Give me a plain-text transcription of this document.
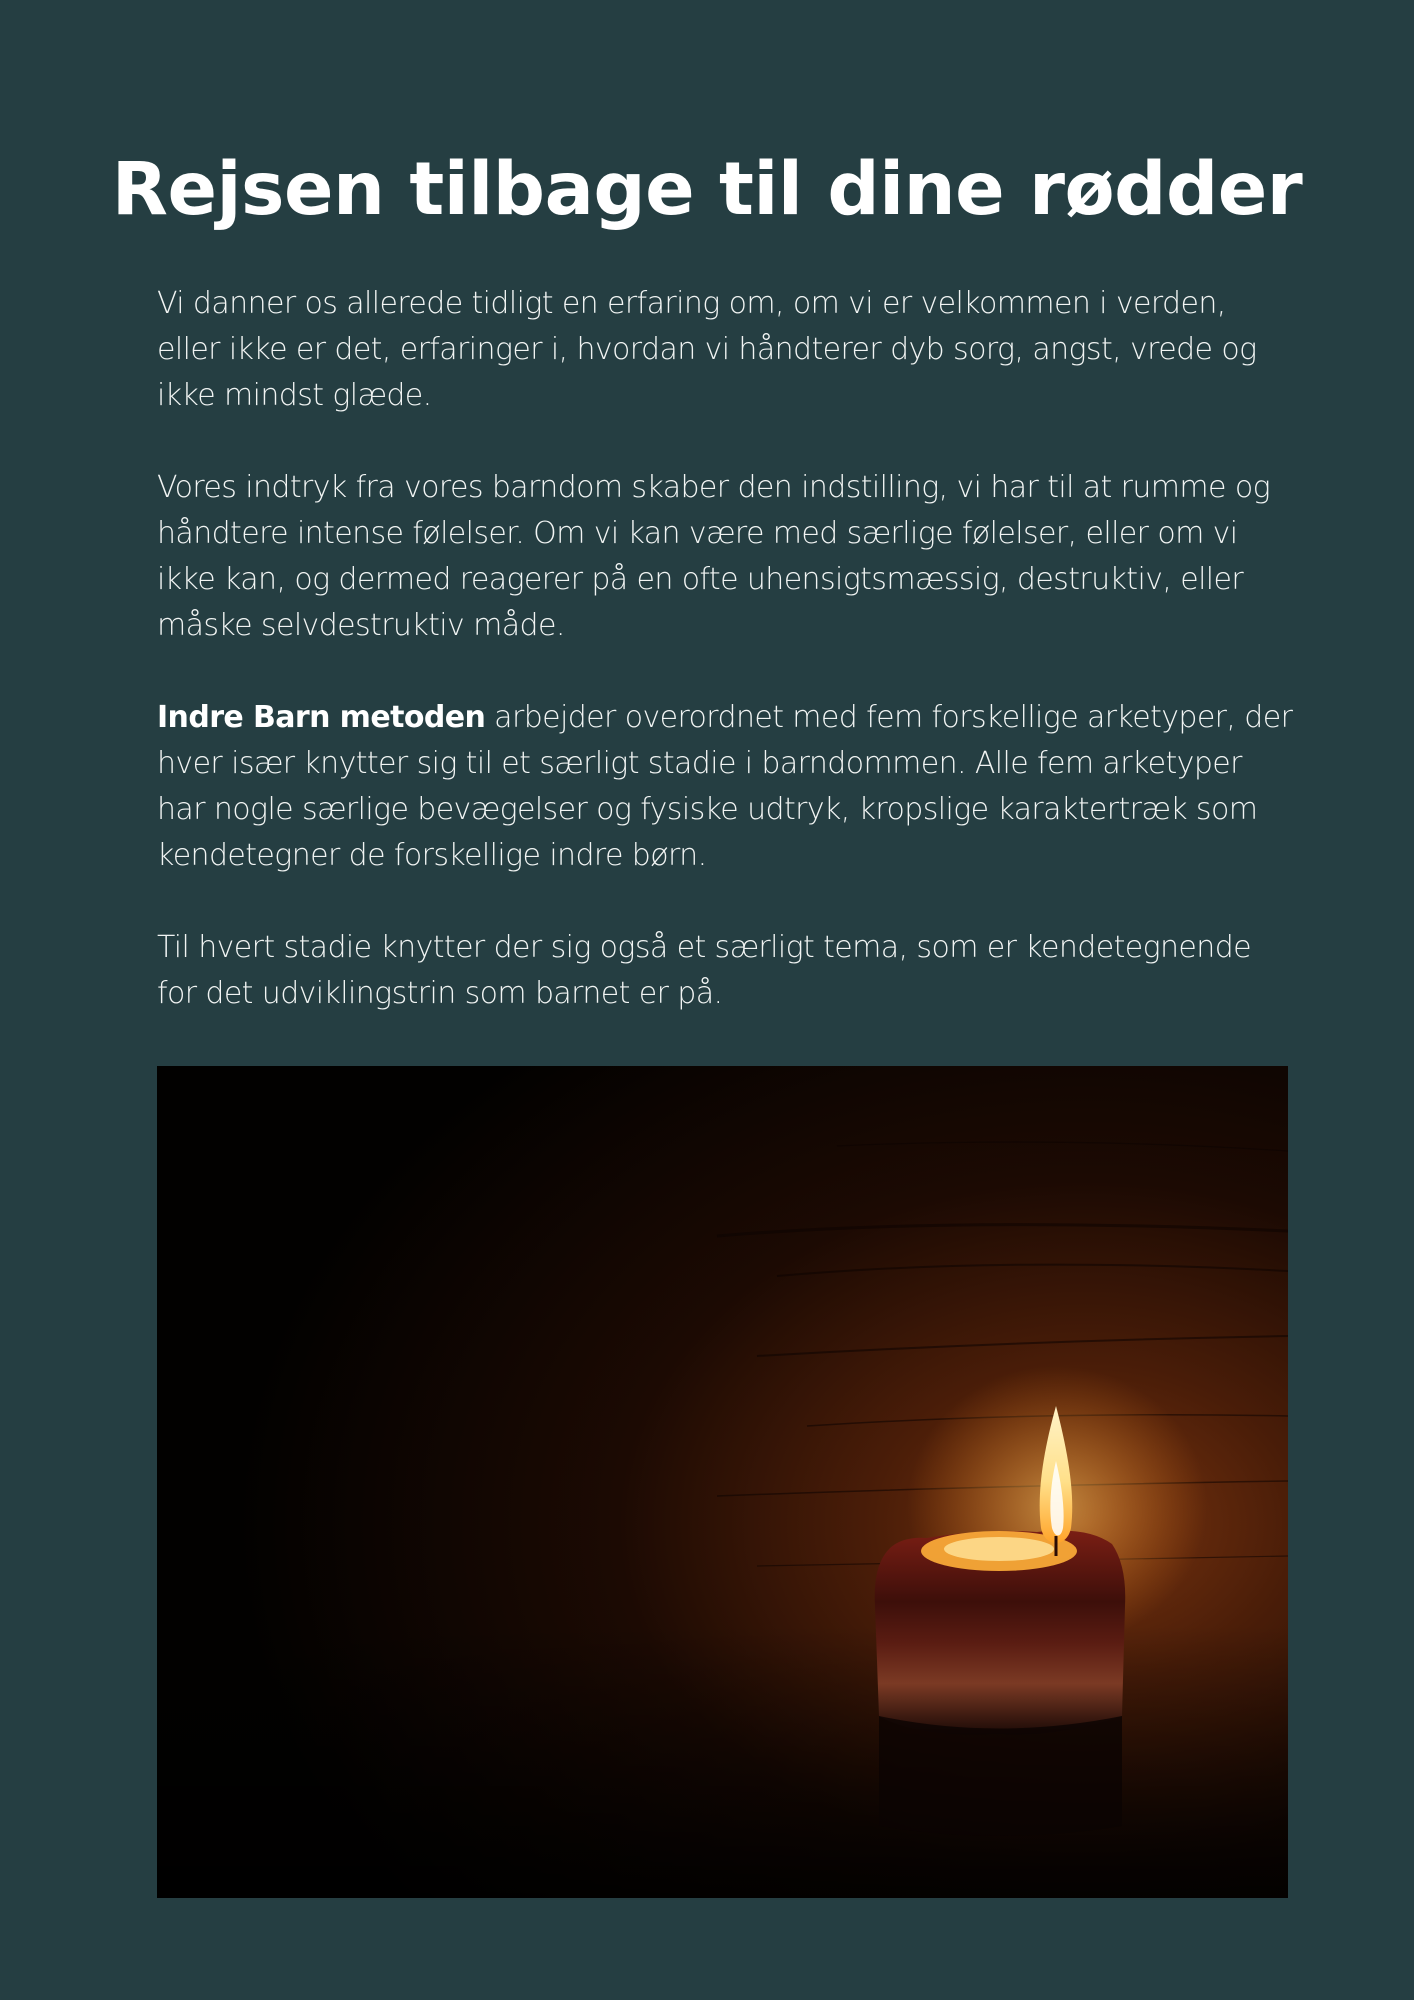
Rejsen tilbage til dine rødder

Vi danner os allerede tidligt en erfaring om, om vi er velkommen i verden, eller ikke er det, erfaringer i, hvordan vi håndterer dyb sorg, angst, vrede og ikke mindst glæde.

Vores indtryk fra vores barndom skaber den indstilling, vi har til at rumme og håndtere intense følelser. Om vi kan være med særlige følelser, eller om vi ikke kan, og dermed reagerer på en ofte uhensigtsmæssig, destruktiv, eller måske selvdestruktiv måde.

Indre Barn metoden arbejder overordnet med fem forskellige arketyper, der hver især knytter sig til et særligt stadie i barndommen. Alle fem arketyper har nogle særlige bevægelser og fysiske udtryk, kropslige karaktertræk som kendetegner de forskellige indre børn.

Til hvert stadie knytter der sig også et særligt tema, som er kendetegnende for det udviklingstrin som barnet er på.
